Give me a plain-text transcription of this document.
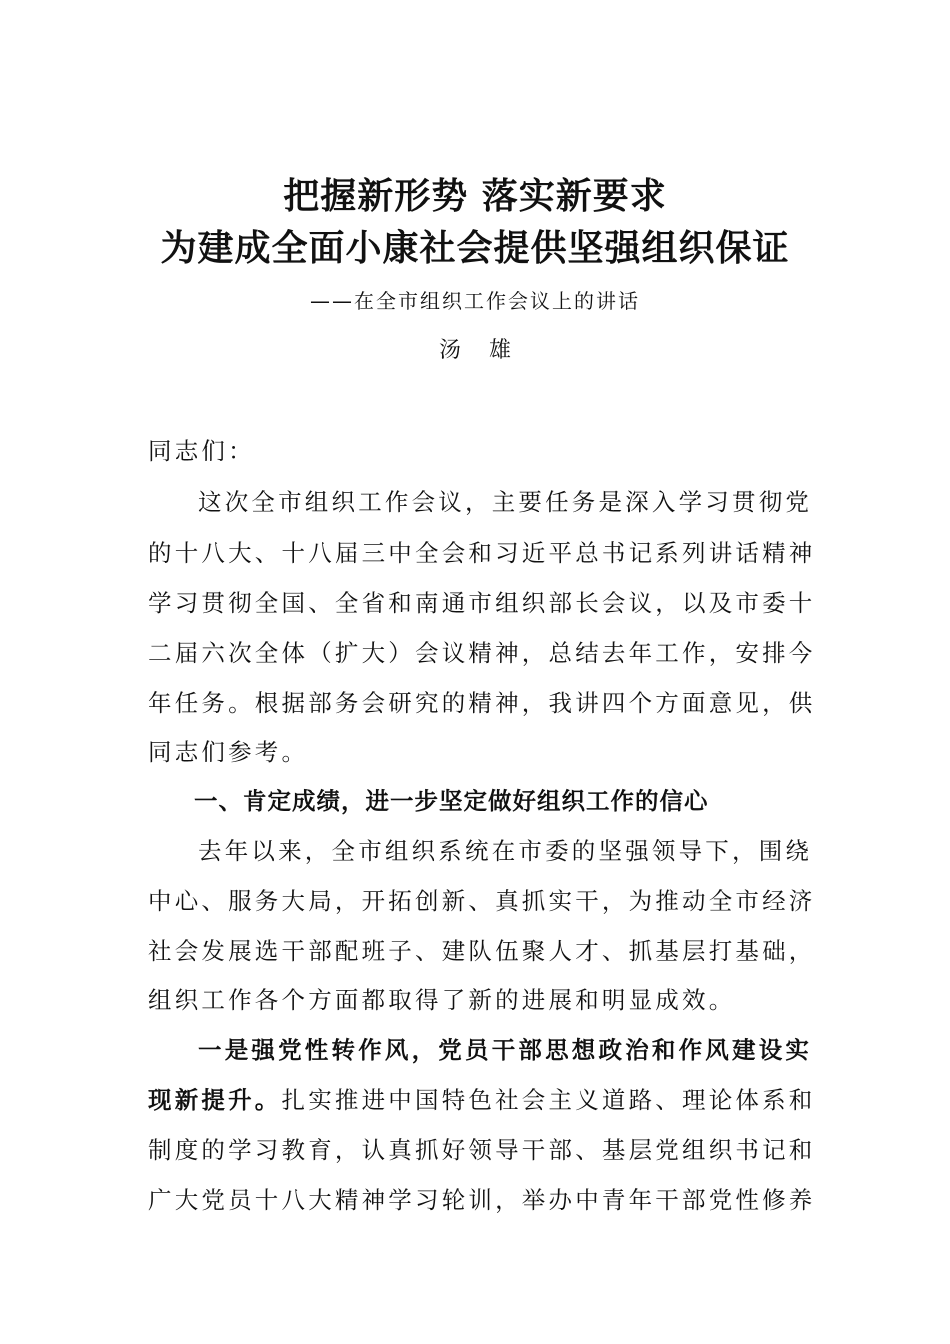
把握新形势 落实新要求
为建成全面小康社会提供坚强组织保证
——在全市组织工作会议上的讲话
汤雄
同志们：
这次全市组织工作会议，主要任务是深入学习贯彻党
的十八大、十八届三中全会和习近平总书记系列讲话精神
学习贯彻全国、全省和南通市组织部长会议，以及市委十
二届六次全体（扩大）会议精神，总结去年工作，安排今
年任务。根据部务会研究的精神，我讲四个方面意见，供
同志们参考。
一、肯定成绩，进一步坚定做好组织工作的信心
去年以来，全市组织系统在市委的坚强领导下，围绕
中心、服务大局，开拓创新、真抓实干，为推动全市经济
社会发展选干部配班子、建队伍聚人才、抓基层打基础，
组织工作各个方面都取得了新的进展和明显成效。
一是强党性转作风，党员干部思想政治和作风建设实
现新提升。扎实推进中国特色社会主义道路、理论体系和
制度的学习教育，认真抓好领导干部、基层党组织书记和
广大党员十八大精神学习轮训，举办中青年干部党性修养
